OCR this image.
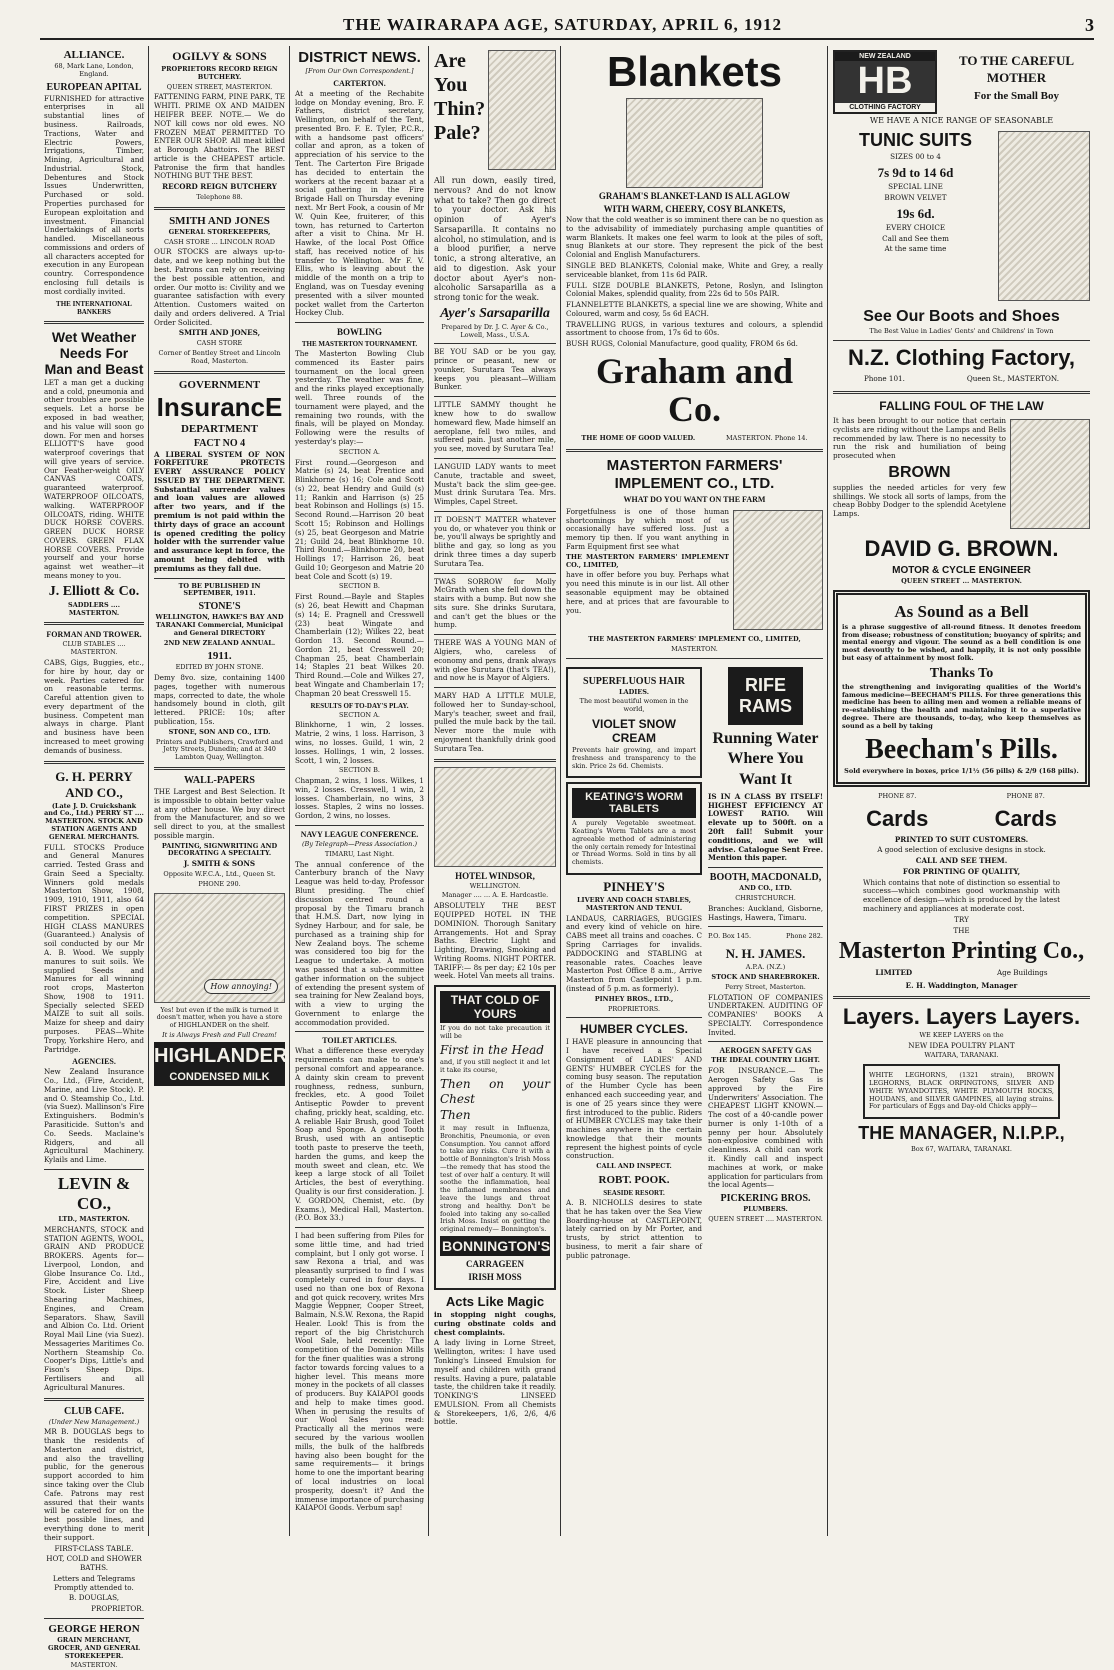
THE WAIRARAPA AGE, SATURDAY, APRIL 6, 1912	3
ALLIANCE.
68, Mark Lane, London, England.
EUROPEAN APITAL
FURNISHED for attractive enterprises in all substantial lines of business. Railroads, Tractions, Water and Electric Powers, Irrigations, Timber, Mining, Agricultural and Industrial. Stock, Debentures and Stock Issues Underwritten, Purchased or sold. Properties purchased for European exploitation and investment. Financial Undertakings of all sorts handled. Miscellaneous commissions and orders of all characters accepted for execution in any European country. Correspondence enclosing full details is most cordially invited.
THE INTERNATIONAL BANKERS
Wet Weather Needs For Man and Beast
LET a man get a ducking and a cold, pneumonia and other troubles are possible sequels. Let a horse be exposed in bad weather, and his value will soon go down. For men and horses ELLIOTT'S have good waterproof coverings that will give years of service. Our Feather-weight OILY CANVAS COATS, guaranteed waterproof. WATERPROOF OILCOATS, walking. WATERPROOF OILCOATS, riding. WHITE DUCK HORSE COVERS. GREEN DUCK HORSE COVERS. GREEN FLAX HORSE COVERS. Provide yourself and your horse against wet weather—it means money to you.
J. Elliott & Co.
SADDLERS .... MASTERTON.
FORMAN AND TROWER.
CLUB STABLES .... MASTERTON.
CABS, Gigs, Buggies, etc., for hire by hour, day or week. Parties catered for on reasonable terms. Careful attention given to every department of the business. Competent man always in charge. Plant and business have been increased to meet growing demands of business.
G. H. PERRY AND CO.,
(Late J. D. Cruickshank and Co., Ltd.) PERRY ST .... MASTERTON. STOCK AND STATION AGENTS AND GENERAL MERCHANTS.
FULL STOCKS Produce and General Manures carried. Tested Grass and Grain Seed a Specialty. Winners gold medals Masterton Show, 1908, 1909, 1910, 1911, also 64 FIRST PRIZES in open competition. SPECIAL HIGH CLASS MANURES (Guaranteed.) Analysis of soil conducted by our Mr A. B. Wood. We supply manures to suit soils. We supplied Seeds and Manures for all winning root crops, Masterton Show, 1908 to 1911. Specially selected SEED MAIZE to suit all soils. Maize for sheep and dairy purposes. PEAS—White Tropy, Yorkshire Hero, and Partridge.
AGENCIES.
New Zealand Insurance Co., Ltd., (Fire, Accident, Marine, and Live Stock). P. and O. Steamship Co., Ltd. (via Suez). Mallinson's Fire Extinguishers. Bodmin's Parasiticide. Sutton's and Co. Seeds. Maclaine's Ridgers, and all Agricultural Machinery. Kylails and Lime.
LEVIN & CO.,
LTD., MASTERTON.
MERCHANTS, STOCK and STATION AGENTS, WOOL, GRAIN AND PRODUCE BROKERS. Agents for— Liverpool, London, and Globe Insurance Co. Ltd., Fire, Accident and Live Stock. Lister Sheep Shearing Machines, Engines, and Cream Separators. Shaw, Savill and Albion Co. Ltd. Orient Royal Mail Line (via Suez). Messageries Maritimes Co. Northern Steamship Co. Cooper's Dips, Little's and Fison's Sheep Dips. Fertilisers and all Agricultural Manures.
CLUB CAFE.
(Under New Management.)
MR B. DOUGLAS begs to thank the residents of Masterton and district, and also the travelling public, for the generous support accorded to him since taking over the Club Cafe. Patrons may rest assured that their wants will be catered for on the best possible lines, and everything done to merit their support.
FIRST-CLASS TABLE.
HOT, COLD and SHOWER BATHS.
Letters and Telegrams Promptly attended to.
B. DOUGLAS,
PROPRIETOR.
GEORGE HERON
GRAIN MERCHANT, GROCER, AND GENERAL STOREKEEPER.
MASTERTON.
OGILVY & SONS
PROPRIETORS RECORD REIGN BUTCHERY.
QUEEN STREET, MASTERTON.
FATTENING FARM, PINE PARK, TE WHITI. PRIME OX AND MAIDEN HEIFER BEEF. NOTE.— We do NOT kill cows nor old ewes. NO FROZEN MEAT PERMITTED TO ENTER OUR SHOP. All meat killed at Borough Abattoirs. The BEST article is the CHEAPEST article. Patronise the firm that handles NOTHING BUT THE BEST.
RECORD REIGN BUTCHERY
Telephone 88.
SMITH AND JONES
GENERAL STOREKEEPERS,
CASH STORE ... LINCOLN ROAD
OUR STOCKS are always up-to-date, and we keep nothing but the best. Patrons can rely on receiving the best possible attention, and order. Our motto is: Civility and we guarantee satisfaction with every Attention. Customers waited on daily and orders delivered. A Trial Order Solicited.
SMITH AND JONES,
CASH STORE
Corner of Bentley Street and Lincoln Road, Masterton.
GOVERNMENT
InsurancE
DEPARTMENT
FACT NO 4
A LIBERAL SYSTEM OF NON FORFEITURE PROTECTS EVERY ASSURANCE POLICY ISSUED BY THE DEPARTMENT. Substantial surrender values and loan values are allowed after two years, and if the premium is not paid within the thirty days of grace an account is opened crediting the policy holder with the surrender value and assurance kept in force, the amount being debited with premiums as they fall due.
TO BE PUBLISHED IN SEPTEMBER, 1911.
STONE'S
WELLINGTON, HAWKE'S BAY AND TARANAKI Commercial, Municipal and General DIRECTORY
2ND NEW ZEALAND ANNUAL.
1911.
EDITED BY JOHN STONE.
Demy 8vo. size, containing 1400 pages, together with numerous maps, corrected to date, the whole handsomely bound in cloth, gilt lettered. PRICE: 10s; after publication, 15s.
STONE, SON AND CO., LTD.
Printers and Publishers, Crawford and Jetty Streets, Dunedin; and at 340 Lambton Quay, Wellington.
WALL-PAPERS
THE Largest and Best Selection. It is impossible to obtain better value at any other house. We buy direct from the Manufacturer, and so we sell direct to you, at the smallest possible margin.
PAINTING, SIGNWRITING AND DECORATING A SPECIALTY.
J. SMITH & SONS
Opposite W.F.C.A., Ltd., Queen St.
PHONE 290.
How annoying!
Yes! but even if the milk is turned it doesn't matter, when you have a store of HIGHLANDER on the shelf.
It is Always Fresh and Full Cream!
HIGHLANDER
CONDENSED MILK
DISTRICT NEWS.
[From Our Own Correspondent.]
CARTERTON.
At a meeting of the Rechabite lodge on Monday evening, Bro. F. Fathers, district secretary, Wellington, on behalf of the Tent, presented Bro. F. E. Tyler, P.C.R., with a handsome past officers' collar and apron, as a token of appreciation of his service to the Tent. The Carterton Fire Brigade has decided to entertain the workers at the recent bazaar at a social gathering in the Fire Brigade Hall on Thursday evening next. Mr Bert Fook, a cousin of Mr W. Quin Kee, fruiterer, of this town, has returned to Carterton after a visit to China. Mr H. Hawke, of the local Post Office staff, has received notice of his transfer to Wellington. Mr F. V. Ellis, who is leaving about the middle of the month on a trip to England, was on Tuesday evening presented with a silver mounted pocket wallet from the Carterton Hockey Club.
BOWLING
THE MASTERTON TOURNAMENT.
The Masterton Bowling Club commenced its Easter pairs tournament on the local green yesterday. The weather was fine, and the rinks played exceptionally well. Three rounds of the tournament were played, and the remaining two rounds, with the finals, will be played on Monday. Following were the results of yesterday's play:—
SECTION A.
First round.—Georgeson and Matrie (s) 24, beat Prentice and Blinkhorne (s) 16; Cole and Scott (s) 22, beat Hendry and Guild (s) 11; Rankin and Harrison (s) 25 beat Robinson and Hollings (s) 15. Second Round.—Harrison 20 beat Scott 15; Robinson and Hollings (s) 25, beat Georgeson and Matrie 21; Guild 24, beat Blinkhorne 10. Third Round.—Blinkhorne 20, beat Hollings 17; Harrison 26, beat Guild 10; Georgeson and Matrie 20 beat Cole and Scott (s) 19.
SECTION B.
First Round.—Bayle and Staples (s) 26, beat Hewitt and Chapman (s) 14; E. Pragnell and Cresswell (23) beat Wingate and Chamberlain (12); Wilkes 22, beat Gordon 13. Second Round.—Gordon 21, beat Cresswell 20; Chapman 25, beat Chamberlain 14; Staples 21 beat Wilkes 20. Third Round.—Cole and Wilkes 27, beat Wingate and Chamberlain 17; Chapman 20 beat Cresswell 15.
RESULTS OF TO-DAY'S PLAY.
SECTION A.
Blinkhorne, 1 win, 2 losses. Matrie, 2 wins, 1 loss. Harrison, 3 wins, no losses. Guild, 1 win, 2 losses. Hollings, 1 win, 2 losses. Scott, 1 win, 2 losses.
SECTION B.
Chapman, 2 wins, 1 loss. Wilkes, 1 win, 2 losses. Cresswell, 1 win, 2 losses. Chamberlain, no wins, 3 losses. Staples, 2 wins no losses. Gordon, 2 wins, no losses.
NAVY LEAGUE CONFERENCE.
(By Telegraph—Press Association.)
TIMARU, Last Night.
The annual conference of the Canterbury branch of the Navy League was held to-day, Professor Blunt presiding. The chief discussion centred round a proposal by the Timaru branch that H.M.S. Dart, now lying in Sydney Harbour, and for sale, be purchased as a training ship for New Zealand boys. The scheme was considered too big for the League to undertake. A motion was passed that a sub-committee gather information on the subject of extending the present system of sea training for New Zealand boys, with a view to urging the Government to enlarge the accommodation provided.
TOILET ARTICLES.
What a difference these everyday requirements can make to one's personal comfort and appearance. A dainty skin cream to prevent roughness, redness, sunburn, freckles, etc. A good Toilet Antiseptic Powder to prevent chafing, prickly heat, scalding, etc. A reliable Hair Brush, good Toilet Soap and Sponge. A good Tooth Brush, used with an antiseptic tooth paste to preserve the teeth, harden the gums, and keep the mouth sweet and clean, etc. We keep a large stock of all Toilet Articles, the best of everything. Quality is our first consideration. J. V. GORDON, Chemist, etc. (by Exams.), Medical Hall, Masterton. (P.O. Box 33.)
I had been suffering from Piles for some little time, and had tried complaint, but I only got worse. I saw Rexona a trial, and was pleasantly surprised to find I was completely cured in four days. I used no than one box of Rexona and got quick recovery, writes Mrs Maggie Weppner, Cooper Street, Balmain, N.S.W. Rexona, the Rapid Healer. Look! This is from the report of the big Christchurch Wool Sale, held recently: The competition of the Dominion Mills for the finer qualities was a strong factor towards forcing values to a higher level. This means more money in the pockets of all classes of producers. Buy KAIAPOI goods and help to make times good. When in perusing the results of our Wool Sales you read: Practically all the merinos were secured by the various woollen mills, the bulk of the halfbreds having also been bought for the same requirements— it brings home to one the important bearing of local industries on local prosperity, doesn't it? And the immense importance of purchasing KAIAPOI Goods. Verbum sap!
Are You Thin? Pale?
All run down, easily tired, nervous? And do not know what to take? Then go direct to your doctor. Ask his opinion of Ayer's Sarsaparilla. It contains no alcohol, no stimulation, and is a blood purifier, a nerve tonic, a strong alterative, an aid to digestion. Ask your doctor about Ayer's non-alcoholic Sarsaparilla as a strong tonic for the weak.
Ayer's Sarsaparilla
Prepared by Dr. J. C. Ayer & Co., Lowell, Mass., U.S.A.
BE YOU SAD or be you gay, prince or peasant, new or younker, Surutara Tea always keeps you pleasant—William Bunker.
LITTLE SAMMY thought he knew how to do swallow homeward flew, Made himself an aeroplane, fell two miles, and suffered pain. Just another mile, you see, moved by Surutara Tea!
LANGUID LADY wants to meet Canute, tractable and sweet, Musta't back the slim gee-gee. Must drink Surutara Tea. Mrs. Wimples, Capel Street.
IT DOESN'T MATTER whatever you do, or whatever you think or be, you'll always be sprightly and blithe and gay, so long as you drink three times a day superb Surutara Tea.
TWAS SORROW for Molly McGrath when she fell down the stairs with a bump. But now she sits sure. She drinks Surutara, and can't get the blues or the hump.
THERE WAS A YOUNG MAN of Algiers, who, careless of economy and pens, drank always with glee Surutara (that's TEA!), and now he is Mayor of Algiers.
MARY HAD A LITTLE MULE, followed her to Sunday-school, Mary's teacher, sweet and frail, pulled the mule back by the tail. Never more the mule with enjoyment thankfully drink good Surutara Tea.
HOTEL WINDSOR,
WELLINGTON.
Manager .... ... A. E. Hardcastle.
ABSOLUTELY THE BEST EQUIPPED HOTEL IN THE DOMINION. Thorough Sanitary Arrangements. Hot and Spray Baths. Electric Light and Lighting, Drawing, Smoking and Writing Rooms. NIGHT PORTER. TARIFF:— 8s per day; £2 10s per week. Hotel Van meets all trains.
THAT COLD OF YOURS
If you do not take precaution it will be
First in the Head
and, if you still neglect it and let it take its course,
Then on your Chest
Then
it may result in Influenza, Bronchitis, Pneumonia, or even Consumption. You cannot afford to take any risks. Cure it with a bottle of Bonnington's Irish Moss—the remedy that has stood the test of over half a century. It will soothe the inflammation, heal the inflamed membranes and leave the lungs and throat strong and healthy. Don't be fooled into taking any so-called Irish Moss. Insist on getting the original remedy— Bonnington's.
BONNINGTON'S
CARRAGEEN
IRISH MOSS
Acts Like Magic
in stopping night coughs, curing obstinate colds and chest complaints.
A lady living in Lorne Street, Wellington, writes: I have used Tonking's Linseed Emulsion for myself and children with grand results. Having a pure, palatable taste, the children take it readily. TONKING'S LINSEED EMULSION. From all Chemists & Storekeepers, 1/6, 2/6, 4/6 bottle.
Blankets
GRAHAM'S BLANKET-LAND IS ALL AGLOW
WITH WARM, CHEERY, COSY BLANKETS,
Now that the cold weather is so imminent there can be no question as to the advisability of immediately purchasing ample quantities of warm Blankets. It makes one feel warm to look at the piles of soft, snug Blankets at our store. They represent the pick of the best Colonial and English Manufacturers.
SINGLE BED BLANKETS, Colonial make, White and Grey, a really serviceable blanket, from 11s 6d PAIR.
FULL SIZE DOUBLE BLANKETS, Petone, Roslyn, and Islington Colonial Makes, splendid quality, from 22s 6d to 50s PAIR.
FLANNELETTE BLANKETS, a special line we are showing, White and Coloured, warm and cosy, 5s 6d EACH.
TRAVELLING RUGS, in various textures and colours, a splendid assortment to choose from, 17s 6d to 60s.
BUSH RUGS, Colonial Manufacture, good quality, FROM 6s 6d.
Graham and Co.
THE HOME OF GOOD VALUED.	MASTERTON. Phone 14.
MASTERTON FARMERS' IMPLEMENT CO., LTD.
WHAT DO YOU WANT ON THE FARM
Forgetfulness is one of those human shortcomings by which most of us occasionally have suffered loss. Just a memory tip then. If you want anything in Farm Equipment first see what
THE MASTERTON FARMERS' IMPLEMENT CO., LIMITED,
have in offer before you buy. Perhaps what you need this minute is in our list. All other seasonable equipment may be obtained here, and at prices that are favourable to you.
THE MASTERTON FARMERS' IMPLEMENT CO., LIMITED,
MASTERTON.
SUPERFLUOUS HAIR
LADIES.
The most beautiful women in the world,
VIOLET SNOW CREAM
Prevents hair growing, and impart freshness and transparency to the skin. Price 2s 6d. Chemists.
KEATING'S WORM TABLETS
A purely Vegetable sweetmeat. Keating's Worm Tablets are a most agreeable method of administering the only certain remedy for Intestinal or Thread Worms. Sold in tins by all chemists.
PINHEY'S
LIVERY AND COACH STABLES, MASTERTON AND TENUI.
LANDAUS, CARRIAGES, BUGGIES and every kind of vehicle on hire. CABS meet all trains and coaches. C Spring Carriages for invalids. PADDOCKING and STABLING at reasonable rates. Coaches leave Masterton Post Office 8 a.m., Arrive Masterton from Castlepoint 1 p.m. (instead of 5 p.m. as formerly).
PINHEY BROS., LTD.,
PROPRIETORS.
HUMBER CYCLES.
I HAVE pleasure in announcing that I have received a Special Consignment of LADIES' AND GENTS' HUMBER CYCLES for the coming busy season. The reputation of the Humber Cycle has been enhanced each succeeding year, and is one of 25 years since they were first introduced to the public. Riders of HUMBER CYCLES may take their machines anywhere in the certain knowledge that their mounts represent the highest points of cycle construction.
CALL AND INSPECT.
ROBT. POOK.
SEASIDE RESORT.
A. B. NICHOLLS desires to state that he has taken over the Sea View Boarding-house at CASTLEPOINT, lately carried on by Mr Porter, and trusts, by strict attention to business, to merit a fair share of public patronage.
RIFE RAMS
Running Water Where You Want It
IS IN A CLASS BY ITSELF! HIGHEST EFFICIENCY AT LOWEST RATIO. Will elevate up to 500ft. on a 20ft fall! Submit your conditions, and we will advise. Catalogue Sent Free. Mention this paper.
BOOTH, MACDONALD,
AND CO., LTD.
CHRISTCHURCH.
Branches: Auckland, Gisborne, Hastings, Hawera, Timaru.
P.O. Box 145.	Phone 282.
N. H. JAMES.
A.P.A. (N.Z.)
STOCK AND SHAREBROKER.
Perry Street, Masterton.
FLOTATION OF COMPANIES UNDERTAKEN. AUDITING OF COMPANIES' BOOKS A SPECIALTY. Correspondence Invited.
AEROGEN SAFETY GAS
THE IDEAL COUNTRY LIGHT.
FOR INSURANCE.— The Aerogen Safety Gas is approved by the Fire Underwriters' Association. The CHEAPEST LIGHT KNOWN.— The cost of a 40-candle power burner is only 1-10th of a penny per hour. Absolutely non-explosive combined with cleanliness. A child can work it. Kindly call and inspect machines at work, or make application for particulars from the local Agents—
PICKERING BROS.
PLUMBERS.
QUEEN STREET .... MASTERTON.
NEW ZEALAND
HB
CLOTHING FACTORY
TO THE CAREFUL MOTHER
For the Small Boy
WE HAVE A NICE RANGE OF SEASONABLE
TUNIC SUITS
SIZES 00 to 4
7s 9d to 14 6d
SPECIAL LINE
BROWN VELVET
19s 6d.
EVERY CHOICE
Call and See them
At the same time
See Our Boots and Shoes
The Best Value in Ladies' Gents' and Childrens' in Town
N.Z. Clothing Factory,
Phone 101.	Queen St., MASTERTON.
FALLING FOUL OF THE LAW
It has been brought to our notice that certain cyclists are riding without the Lamps and Bells recommended by law. There is no necessity to run the risk and humiliation of being prosecuted when
BROWN
supplies the needed articles for very few shillings. We stock all sorts of lamps, from the cheap Bobby Dodger to the splendid Acetylene Lamps.
DAVID G. BROWN.
MOTOR & CYCLE ENGINEER
QUEEN STREET ... MASTERTON.
As Sound as a Bell
is a phrase suggestive of all-round fitness. It denotes freedom from disease; robustness of constitution; buoyancy of spirits; and mental energy and vigour. The sound as a bell condition is one most devoutly to be wished, and happily, it is not only possible but easy of attainment by most folk.
Thanks To
the strengthening and invigorating qualities of the World's famous medicine—BEECHAM'S PILLS. For three generations this medicine has been to ailing men and women a reliable means of re-establishing the health and maintaining it to a superlative degree. There are thousands, to-day, who keep themselves as sound as a bell by taking
Beecham's Pills.
Sold everywhere in boxes, price 1/1½ (56 pills) & 2/9 (168 pills).
PHONE 87.	PHONE 87.
Cards	Cards
PRINTED TO SUIT CUSTOMERS.
A good selection of exclusive designs in stock.
CALL AND SEE THEM.
FOR PRINTING OF QUALITY,
Which contains that note of distinction so essential to success—which combines good workmanship with excellence of design—which is produced by the latest machinery and appliances at moderate cost.
TRY
THE
Masterton Printing Co.,
LIMITED	Age Buildings
E. H. Waddington, Manager
Layers. Layers Layers.
WE KEEP LAYERS on the
NEW IDEA POULTRY PLANT
WAITARA, TARANAKI.
WHITE LEGHORNS, (1321 strain), BROWN LEGHORNS, BLACK ORPINGTONS, SILVER AND WHITE WYANDOTTES, WHITE PLYMOUTH ROCKS, HOUDANS, and SILVER GAMPINES, all laying strains. For particulars of Eggs and Day-old Chicks apply—
THE MANAGER, N.I.P.P.,
Box 67, WAITARA, TARANAKI.
